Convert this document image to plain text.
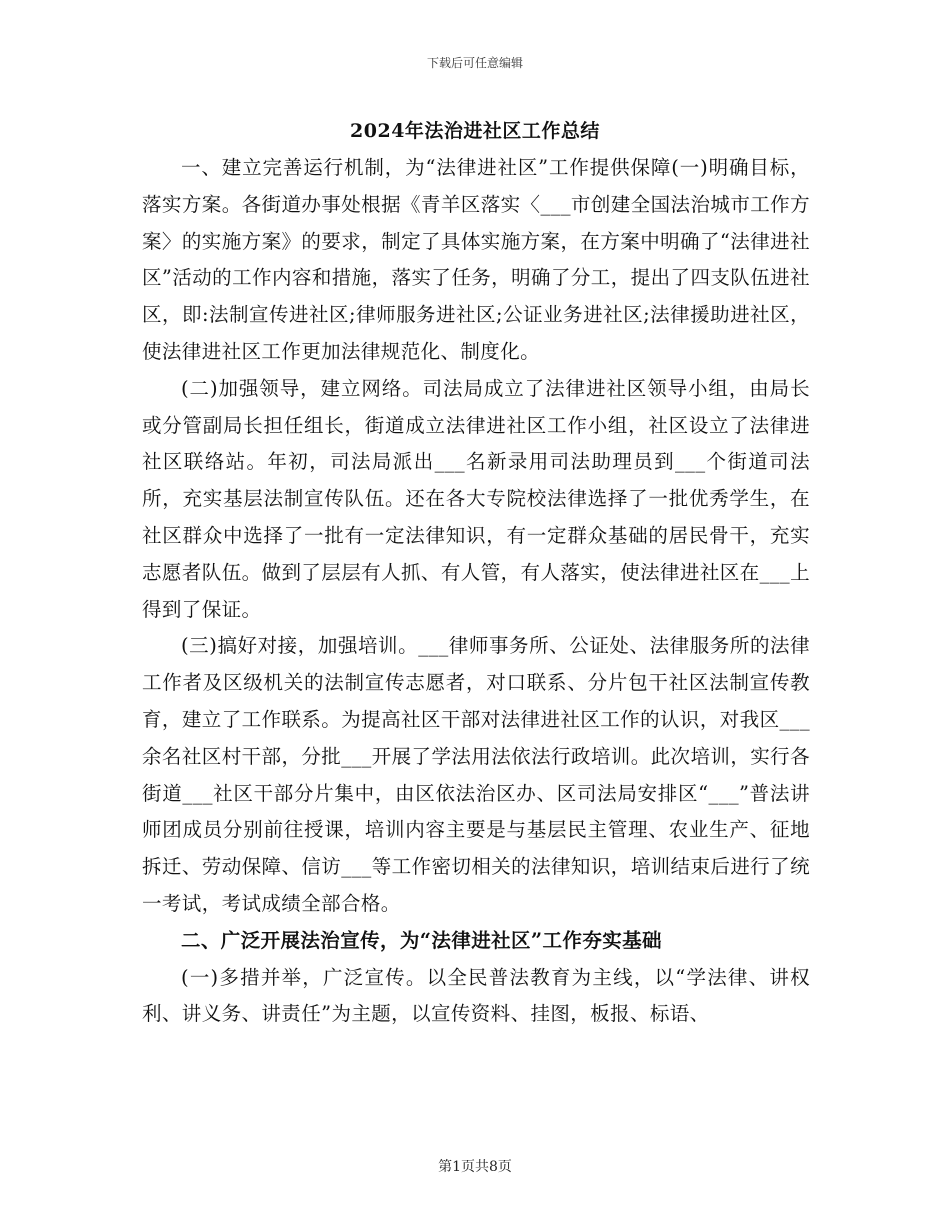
下载后可任意编辑
2024年法治进社区工作总结

一、建立完善运行机制，为“法律进社区”工作提供保障(一)明确目标，落实方案。各街道办事处根据《青羊区落实〈___市创建全国法治城市工作方案〉的实施方案》的要求，制定了具体实施方案，在方案中明确了“法律进社区”活动的工作内容和措施，落实了任务，明确了分工，提出了四支队伍进社区，即:法制宣传进社区;律师服务进社区;公证业务进社区;法律援助进社区，使法律进社区工作更加法律规范化、制度化。

(二)加强领导，建立网络。司法局成立了法律进社区领导小组，由局长或分管副局长担任组长，街道成立法律进社区工作小组，社区设立了法律进社区联络站。年初，司法局派出___名新录用司法助理员到___个街道司法所，充实基层法制宣传队伍。还在各大专院校法律选择了一批优秀学生，在社区群众中选择了一批有一定法律知识，有一定群众基础的居民骨干，充实志愿者队伍。做到了层层有人抓、有人管，有人落实，使法律进社区在___上得到了保证。

(三)搞好对接，加强培训。___律师事务所、公证处、法律服务所的法律工作者及区级机关的法制宣传志愿者，对口联系、分片包干社区法制宣传教育，建立了工作联系。为提高社区干部对法律进社区工作的认识，对我区___余名社区村干部，分批___开展了学法用法依法行政培训。此次培训，实行各街道___社区干部分片集中，由区依法治区办、区司法局安排区“___”普法讲师团成员分别前往授课，培训内容主要是与基层民主管理、农业生产、征地拆迁、劳动保障、信访___等工作密切相关的法律知识，培训结束后进行了统一考试，考试成绩全部合格。

二、广泛开展法治宣传，为“法律进社区”工作夯实基础

(一)多措并举，广泛宣传。以全民普法教育为主线，以“学法律、讲权利、讲义务、讲责任”为主题，以宣传资料、挂图，板报、标语、

第1页共8页
